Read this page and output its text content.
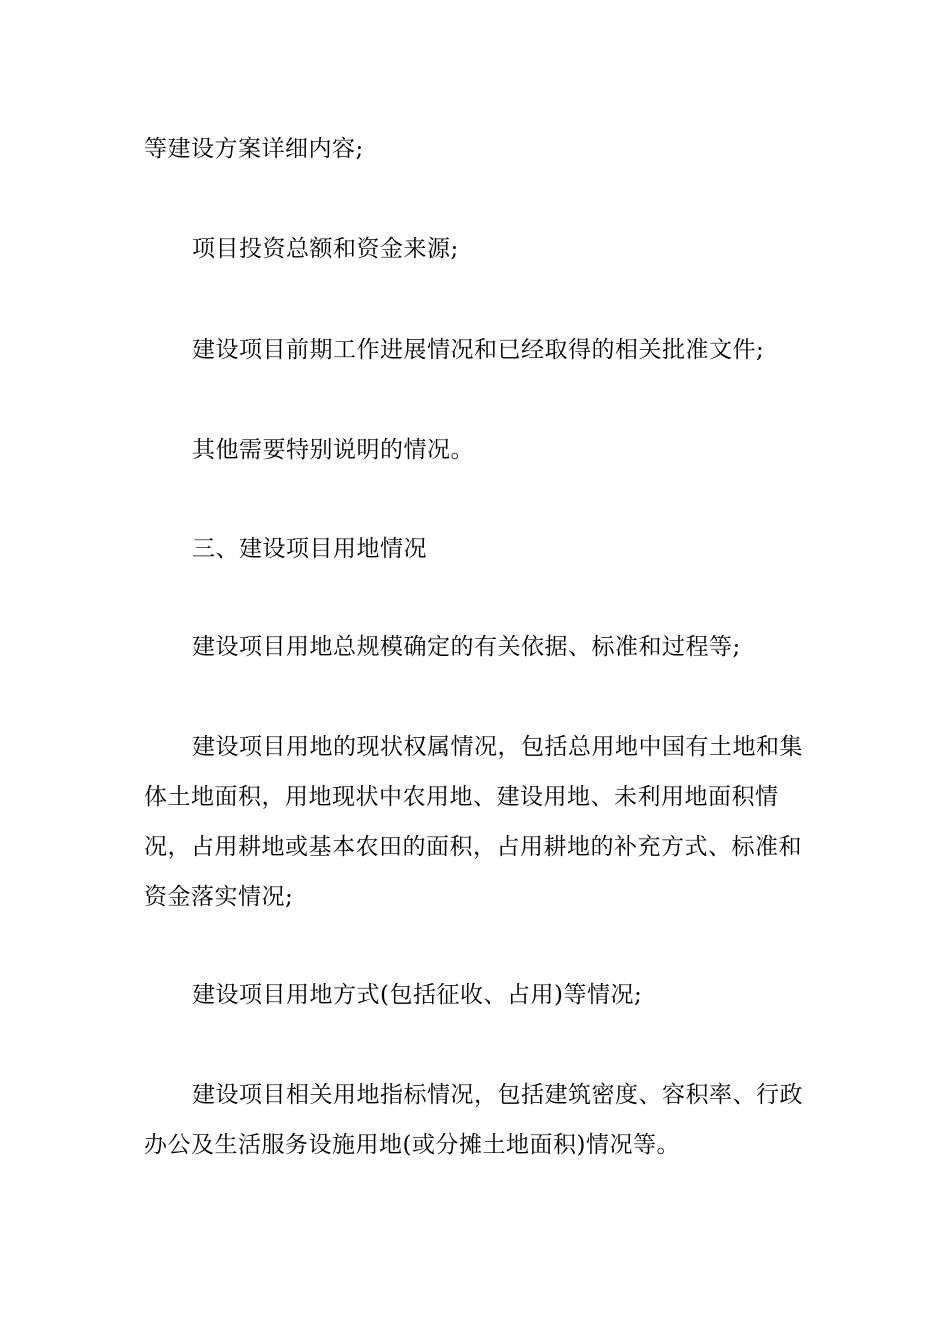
等建设方案详细内容;

项目投资总额和资金来源;

建设项目前期工作进展情况和已经取得的相关批准文件;

其他需要特别说明的情况。

三、建设项目用地情况

建设项目用地总规模确定的有关依据、标准和过程等;

建设项目用地的现状权属情况，包括总用地中国有土地和集体土地面积，用地现状中农用地、建设用地、未利用地面积情况，占用耕地或基本农田的面积，占用耕地的补充方式、标准和资金落实情况;

建设项目用地方式(包括征收、占用)等情况;

建设项目相关用地指标情况，包括建筑密度、容积率、行政办公及生活服务设施用地(或分摊土地面积)情况等。
